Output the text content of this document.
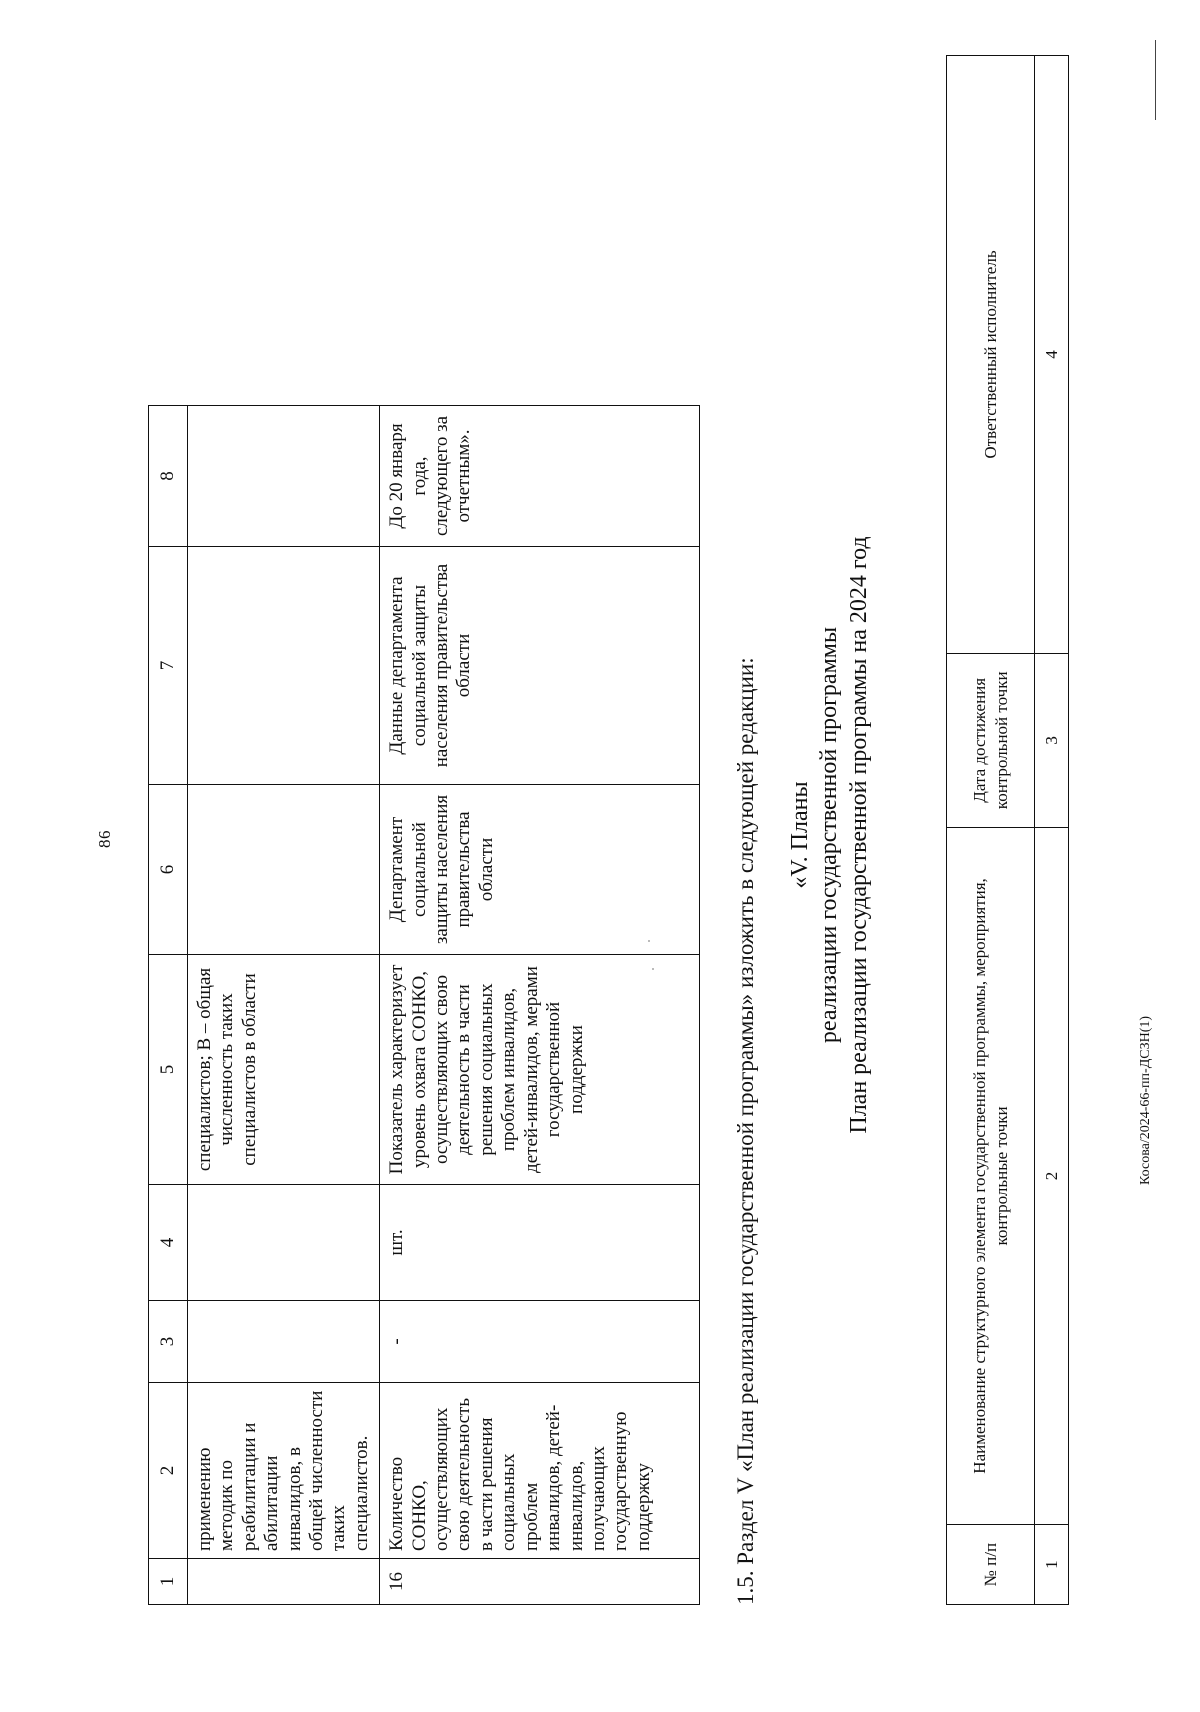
86
Косова/2024-66-пп-ДСЗН(1)
1	2	3	4	5	6	7	8
	применению методик по реабилитации и абилитации инвалидов, в общей численности таких специалистов.			специалистов; В – общая численность таких специалистов в области			
16	Количество СОНКО, осуществляющих свою деятельность в части решения социальных проблем инвалидов, детей-инвалидов, получающих государственную поддержку	-	шт.	Показатель характеризует уровень охвата СОНКО, осуществляющих свою деятельность в части решения социальных проблем инвалидов, детей-инвалидов, мерами государственной поддержки	Департамент социальной защиты населения правительства области	Данные департамента социальной защиты населения правительства области	До 20 января года, следующего за отчетным».
1.5. Раздел V «План реализации государственной программы» изложить в следующей редакции: «V. Планы реализации государственной программы План реализации государственной программы на 2024 год
№ п/п	Наименование структурного элемента государственной программы, мероприятия, контрольные точки	Дата достижения контрольной точки	Ответственный исполнитель
1	2	3	4
